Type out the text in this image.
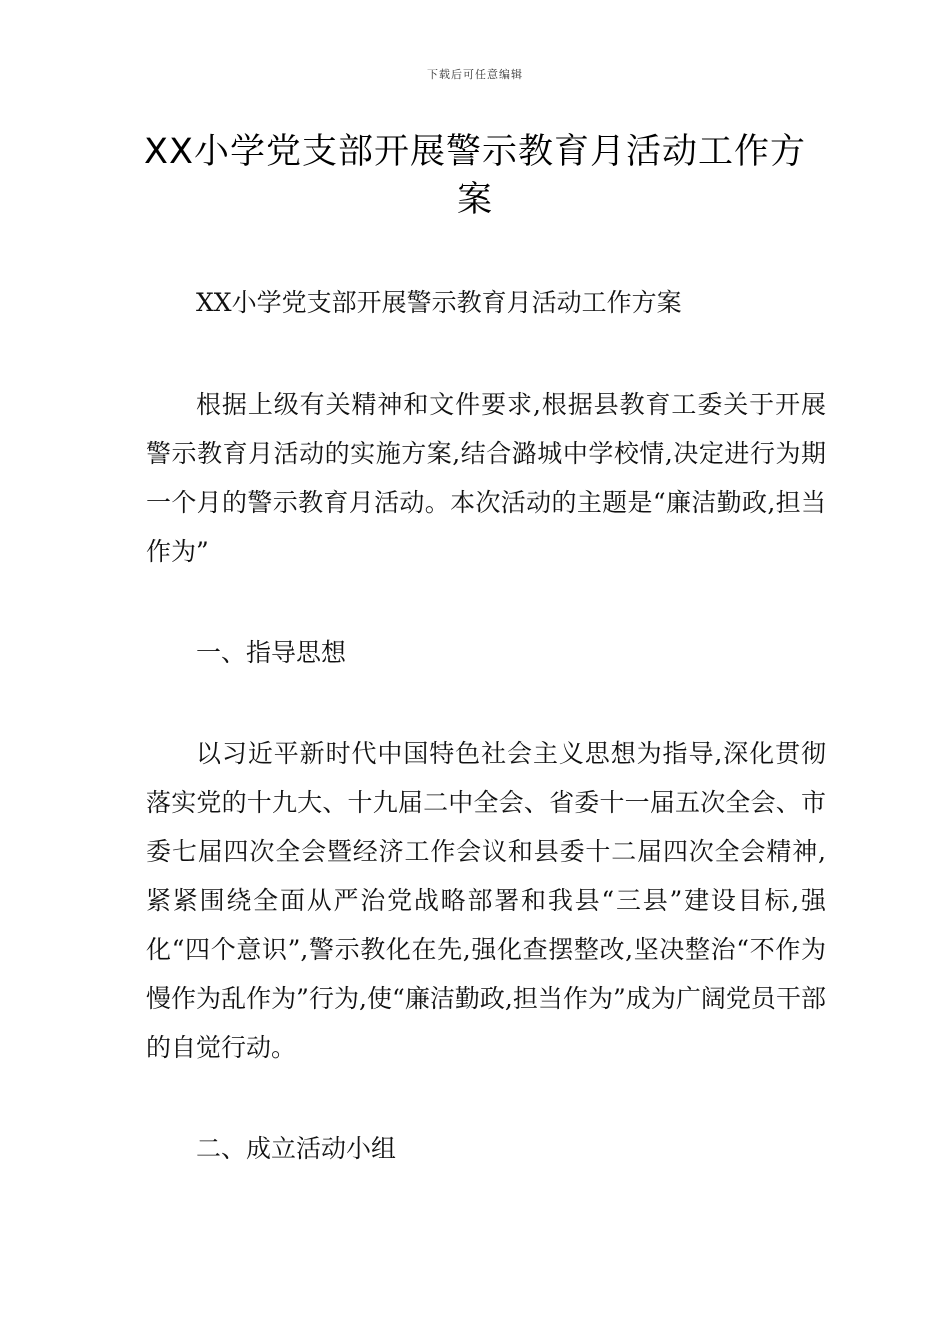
下载后可任意编辑
XX小学党支部开展警示教育月活动工作方案

XX小学党支部开展警示教育月活动工作方案

根据上级有关精神和文件要求,根据县教育工委关于开展警示教育月活动的实施方案,结合潞城中学校情,决定进行为期一个月的警示教育月活动。本次活动的主题是“廉洁勤政,担当作为”

一、指导思想

以习近平新时代中国特色社会主义思想为指导,深化贯彻落实党的十九大、十九届二中全会、省委十一届五次全会、市委七届四次全会暨经济工作会议和县委十二届四次全会精神,紧紧围绕全面从严治党战略部署和我县“三县”建设目标,强化“四个意识”,警示教化在先,强化查摆整改,坚决整治“不作为慢作为乱作为”行为,使“廉洁勤政,担当作为”成为广阔党员干部的自觉行动。

二、成立活动小组
